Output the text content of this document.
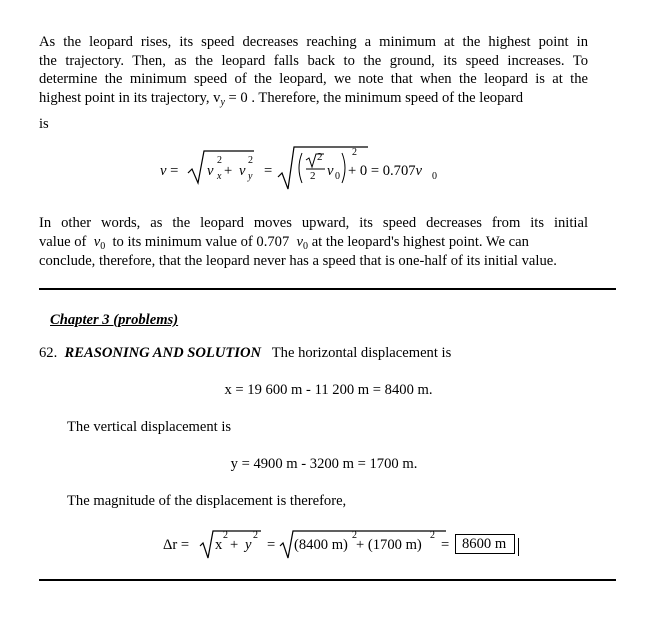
As the leopard rises, its speed decreases reaching a minimum at the highest point in
the trajectory. Then, as the leopard falls back to the ground, its speed increases. To
determine the minimum speed of the leopard, we note that when the leopard is at the
highest point in its trajectory, $v_y = 0$ . Therefore, the minimum speed of the leopard
is
v = v x
2
+ v y
2
=
2
2 v 0
2
+ 0 = 0.707v 0
In other words, as the leopard moves upward, its speed decreases from its initial
value of $v_0$ to its minimum value of 0.707 $v_0$ at the leopard's highest point. We can
conclude, therefore, that the leopard never has a speed that is one-half of its initial value.
Chapter 3 (problems)
62. REASONING AND SOLUTION The horizontal displacement is
x = 19 600 m - 11 200 m = 8400 m.
The vertical displacement is
y = 4900 m - 3200 m = 1700 m.
The magnitude of the displacement is therefore,
Δr = x
2
+ y
2
= (8400 m)
2
+ (1700 m)
2
= 8600 m
